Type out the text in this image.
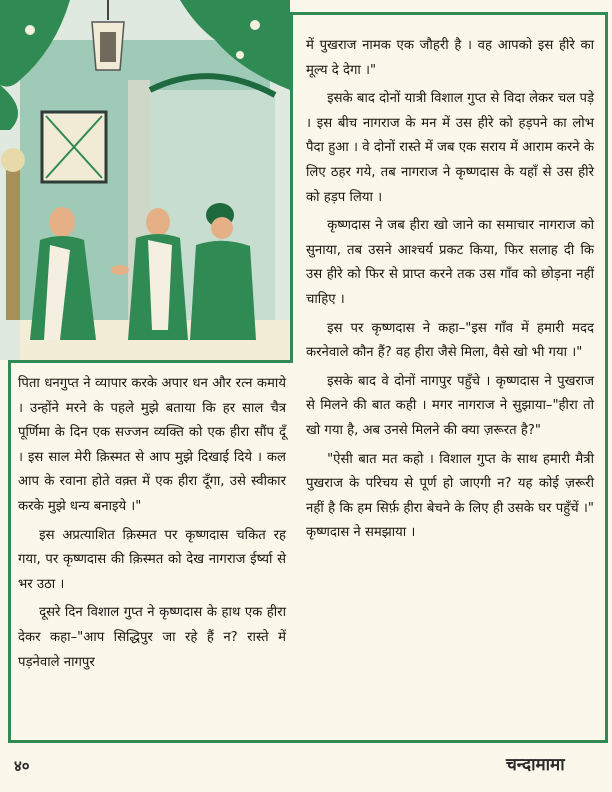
में पुखराज नामक एक जौहरी है । वह आपको इस हीरे का मूल्य दे देगा ।"

इसके बाद दोनों यात्री विशाल गुप्त से विदा लेकर चल पड़े । इस बीच नागराज के मन में उस हीरे को हड़पने का लोभ पैदा हुआ । वे दोनों रास्ते में जब एक सराय में आराम करने के लिए ठहर गये, तब नागराज ने कृष्णदास के यहाँ से उस हीरे को हड़प लिया ।

कृष्णदास ने जब हीरा खो जाने का समाचार नागराज को सुनाया, तब उसने आश्चर्य प्रकट किया, फिर सलाह दी कि उस हीरे को फिर से प्राप्त करने तक उस गाँव को छोड़ना नहीं चाहिए ।

इस पर कृष्णदास ने कहा–"इस गाँव में हमारी मदद करनेवाले कौन हैं? वह हीरा जैसे मिला, वैसे खो भी गया ।"

इसके बाद वे दोनों नागपुर पहुँचे । कृष्णदास ने पुखराज से मिलने की बात कही । मगर नागराज ने सुझाया–"हीरा तो खो गया है, अब उनसे मिलने की क्या ज़रूरत है?"

"ऐसी बात मत कहो । विशाल गुप्त के साथ हमारी मैत्री पुखराज के परिचय से पूर्ण हो जाएगी न? यह कोई ज़रूरी नहीं है कि हम सिर्फ़ हीरा बेचने के लिए ही उसके घर पहुँचें ।" कृष्णदास ने समझाया ।

पिता धनगुप्त ने व्यापार करके अपार धन और रत्न कमाये । उन्होंने मरने के पहले मुझे बताया कि हर साल चैत्र पूर्णिमा के दिन एक सज्जन व्यक्ति को एक हीरा सौंप दूँ । इस साल मेरी क़िस्मत से आप मुझे दिखाई दिये । कल आप के रवाना होते वक़्त में एक हीरा दूँगा, उसे स्वीकार करके मुझे धन्य बनाइये ।"

इस अप्रत्याशित क़िस्मत पर कृष्णदास चकित रह गया, पर कृष्णदास की क़िस्मत को देख नागराज ईर्ष्या से भर उठा ।

दूसरे दिन विशाल गुप्त ने कृष्णदास के हाथ एक हीरा देकर कहा–"आप सिद्धिपुर जा रहे हैं न? रास्ते में पड़नेवाले नागपुर

४०	चन्दामामा
